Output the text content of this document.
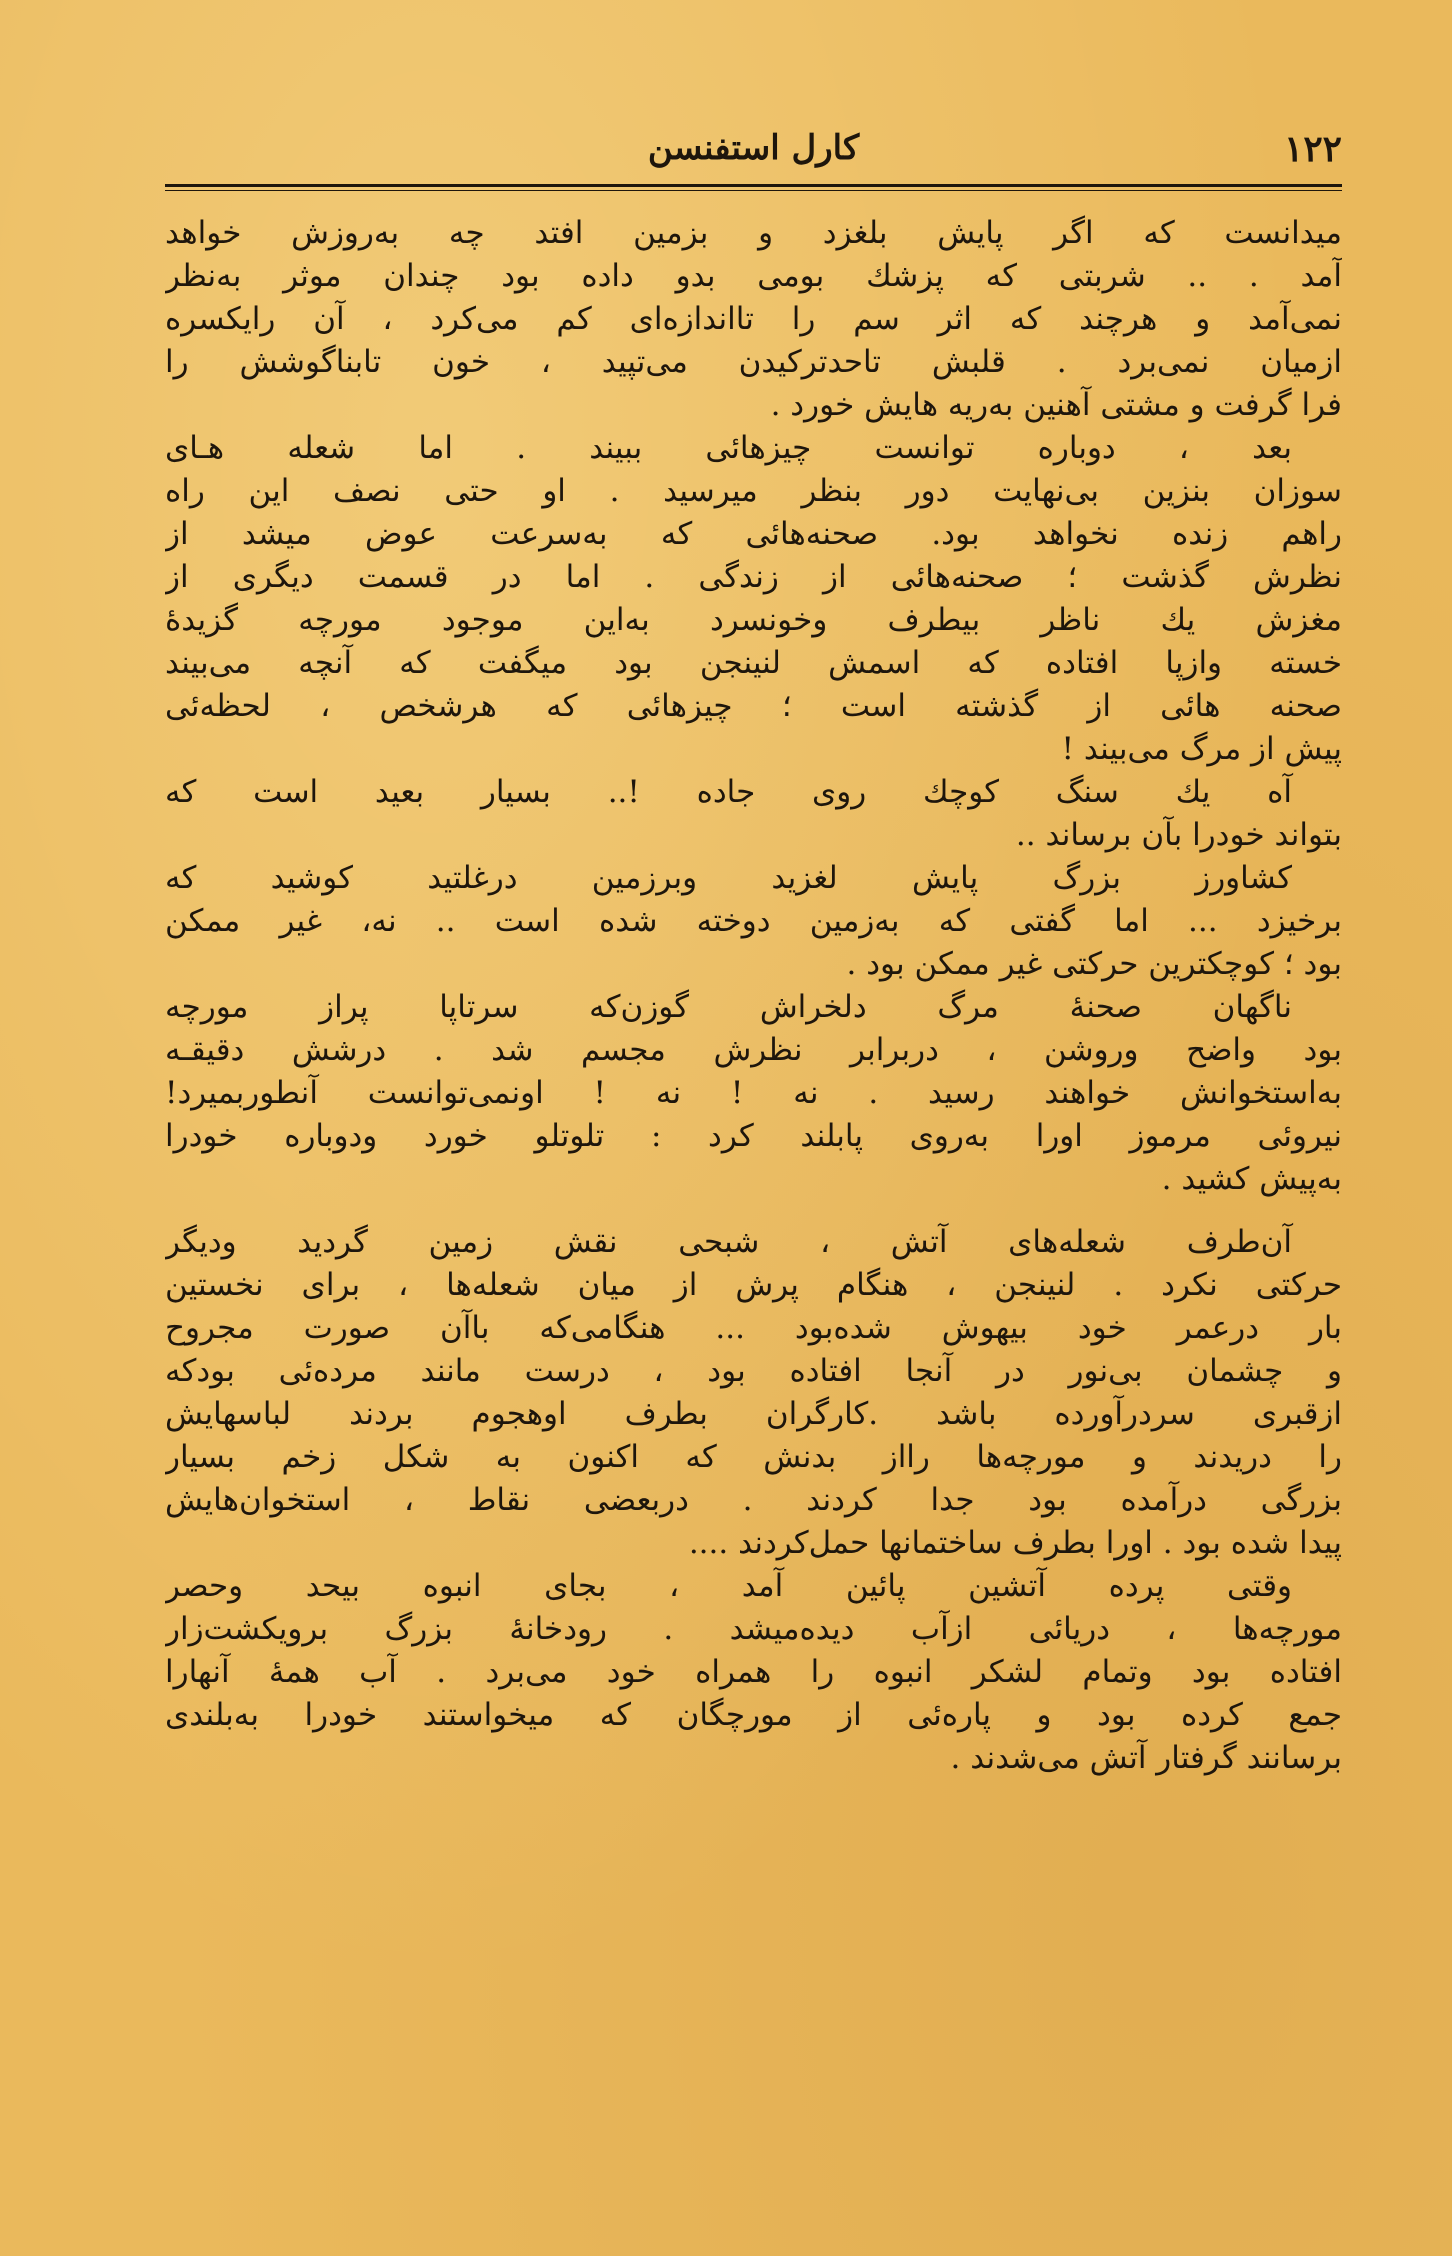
۱۲۲
کارل استفنسن
میدانست که اگر پایش بلغزد و بزمین افتد چه به‌روزش خواهد
آمد . .. شربتی که پزشك بومی بدو داده بود چندان موثر به‌نظر
نمی‌آمد و هرچند که اثر سم را تااندازه‌ای کم می‌کرد ، آن رایکسره
ازمیان نمی‌برد . قلبش تاحدترکیدن می‌تپید ، خون تابناگوشش را
فرا گرفت و مشتی آهنین به‌ریه هایش خورد .
بعد ، دوباره توانست چیزهائی ببیند . اما شعله هـای
سوزان بنزین بی‌نهایت دور بنظر میرسید . او حتی نصف این راه
راهم زنده نخواهد بود. صحنه‌هائی که به‌سرعت عوض میشد از
نظرش گذشت ؛ صحنه‌هائی از زندگی . اما در قسمت دیگری از
مغزش یك ناظر بیطرف وخونسرد به‌این موجود مورچه گزیدهٔ
خسته وازپا افتاده که اسمش لنینجن بود میگفت که آنچه می‌بیند
صحنه هائی از گذشته است ؛ چیزهائی که هرشخص ، لحظه‌ئی
پیش از مرگ می‌بیند !
آه یك سنگ کوچك روی جاده !.. بسیار بعید است که
بتواند خودرا بآن برساند ..
کشاورز بزرگ پایش لغزید وبرزمین درغلتید کوشید که
برخیزد ... اما گفتی که به‌زمین دوخته شده است .. نه، غیر ممکن
بود ؛ کوچکترین حرکتی غیر ممکن بود .
ناگهان صحنهٔ مرگ دلخراش گوزن‌که سرتاپا پراز مورچه
بود واضح وروشن ، دربرابر نظرش مجسم شد . درشش دقیقـه
به‌استخوانش خواهند رسید . نه ! نه ! اونمی‌توانست آنطوربمیرد!
نیروئی مرموز اورا به‌روی پابلند کرد : تلوتلو خورد ودوباره خودرا
به‌پیش کشید .
آن‌طرف شعله‌های آتش ، شبحی نقش زمین گردید ودیگر
حرکتی نکرد . لنینجن ، هنگام پرش از میان شعله‌ها ، برای نخستین
بار درعمر خود بیهوش شده‌بود ... هنگامی‌که باآن صورت مجروح
و چشمان بی‌نور در آنجا افتاده بود ، درست مانند مرده‌ئی بودکه
ازقبری سردرآورده باشد .کارگران بطرف اوهجوم بردند لباسهایش
را دریدند و مورچه‌ها رااز بدنش که اکنون به شکل زخم بسیار
بزرگی درآمده بود جدا کردند . دربعضی نقاط ، استخوان‌هایش
پیدا شده بود . اورا بطرف ساختمانها حمل‌کردند ....
وقتی پرده آتشین پائین آمد ، بجای انبوه بیحد وحصر
مورچه‌ها ، دریائی ازآب دیده‌میشد . رودخانهٔ بزرگ برویکشت‌زار
افتاده بود وتمام لشکر انبوه را همراه خود می‌برد . آب همهٔ آنهارا
جمع کرده بود و پاره‌ئی از مورچگان که میخواستند خودرا به‌بلندی
برسانند گرفتار آتش می‌شدند .
